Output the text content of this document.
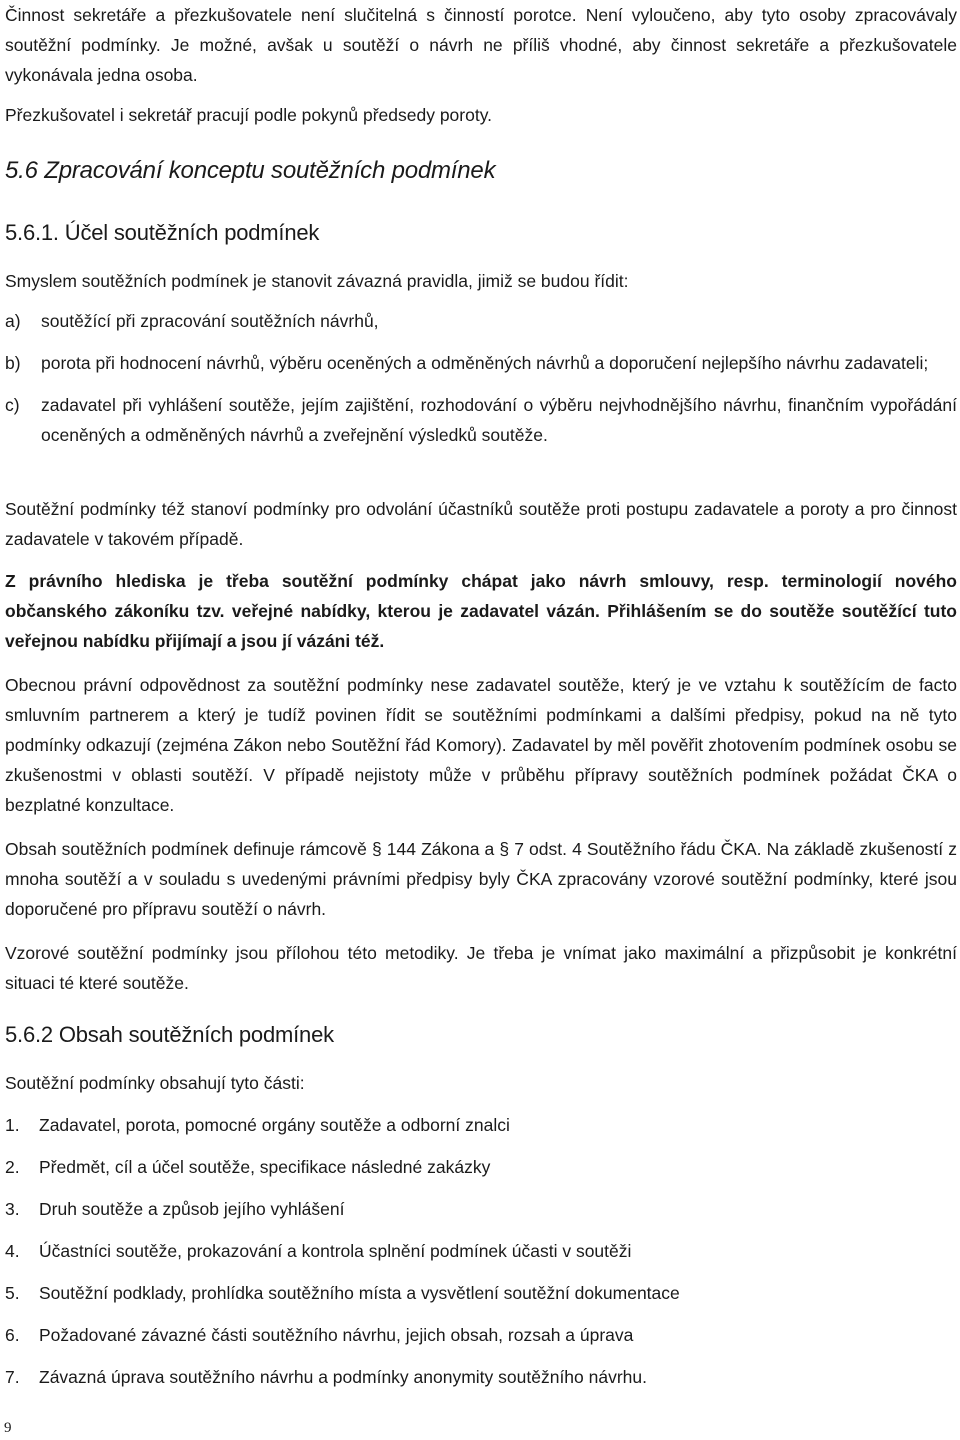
Činnost sekretáře a přezkušovatele není slučitelná s činností porotce. Není vyloučeno, aby tyto osoby zpracovávaly soutěžní podmínky. Je možné, avšak u soutěží o návrh ne příliš vhodné, aby činnost sekretáře a přezkušovatele vykonávala jedna osoba.

Přezkušovatel i sekretář pracují podle pokynů předsedy poroty.

5.6 Zpracování konceptu soutěžních podmínek
5.6.1. Účel soutěžních podmínek

Smyslem soutěžních podmínek je stanovit závazná pravidla, jimiž se budou řídit:

a)	soutěžící při zpracování soutěžních návrhů,
b)	porota při hodnocení návrhů, výběru oceněných a odměněných návrhů a doporučení nejlepšího návrhu zadavateli;
c)	zadavatel při vyhlášení soutěže, jejím zajištění, rozhodování o výběru nejvhodnějšího návrhu, finančním vypořádání oceněných a odměněných návrhů a zveřejnění výsledků soutěže.

Soutěžní podmínky též stanoví podmínky pro odvolání účastníků soutěže proti postupu zadavatele a poroty a pro činnost zadavatele v takovém případě.

Z právního hlediska je třeba soutěžní podmínky chápat jako návrh smlouvy, resp. terminologií nového občanského zákoníku tzv. veřejné nabídky, kterou je zadavatel vázán. Přihlášením se do soutěže soutěžící tuto veřejnou nabídku přijímají a jsou jí vázáni též.

Obecnou právní odpovědnost za soutěžní podmínky nese zadavatel soutěže, který je ve vztahu k soutěžícím de facto smluvním partnerem a který je tudíž povinen řídit se soutěžními podmínkami a dalšími předpisy, pokud na ně tyto podmínky odkazují (zejména Zákon nebo Soutěžní řád Komory). Zadavatel by měl pověřit zhotovením podmínek osobu se zkušenostmi v oblasti soutěží. V případě nejistoty může v průběhu přípravy soutěžních podmínek požádat ČKA o bezplatné konzultace.

Obsah soutěžních podmínek definuje rámcově § 144 Zákona a § 7 odst. 4 Soutěžního řádu ČKA. Na základě zkušeností z mnoha soutěží a v souladu s uvedenými právními předpisy byly ČKA zpracovány vzorové soutěžní podmínky, které jsou doporučené pro přípravu soutěží o návrh.

Vzorové soutěžní podmínky jsou přílohou této metodiky. Je třeba je vnímat jako maximální a přizpůsobit je konkrétní situaci té které soutěže.

5.6.2 Obsah soutěžních podmínek

Soutěžní podmínky obsahují tyto části:

1.	Zadavatel, porota, pomocné orgány soutěže a odborní znalci
2.	Předmět, cíl a účel soutěže, specifikace následné zakázky
3.	Druh soutěže a způsob jejího vyhlášení
4.	Účastníci soutěže, prokazování a kontrola splnění podmínek účasti v soutěži
5.	Soutěžní podklady, prohlídka soutěžního místa a vysvětlení soutěžní dokumentace
6.	Požadované závazné části soutěžního návrhu, jejich obsah, rozsah a úprava
7.	Závazná úprava soutěžního návrhu a podmínky anonymity soutěžního návrhu.
9
